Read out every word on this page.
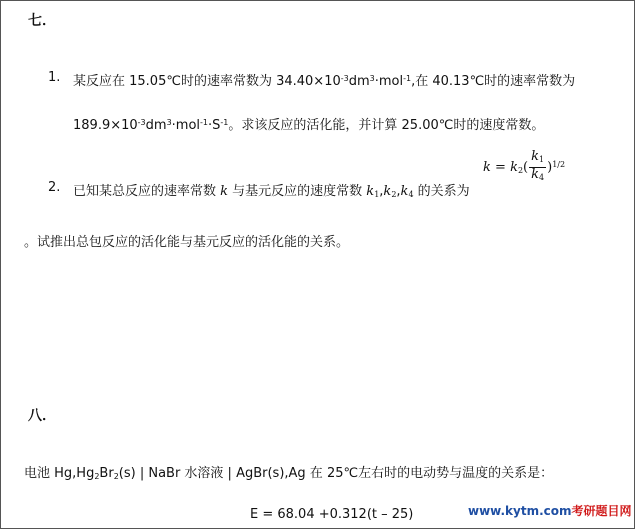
七．
1. 某反应在 15.05℃时的速率常数为 $34.40\times 10^{-3}dm^3\cdot mol^{-1}$,在 40.13℃时的速率常数为
$189.9\times 10^{-3}dm^3\cdot mol^{-1}\cdot S^{-1}$。求该反应的活化能，并计算 25.00℃时的速度常数。
$k = k_2( \frac{k_1}{k_4} )^{1/2}$
2. 已知某总反应的速率常数 k 与基元反应的速度常数 $k_1,k_2,k_4$ 的关系为
。试推出总包反应的活化能与基元反应的活化能的关系。
八．
电池 $Hg,Hg_2Br_2(s)$ | NaBr 水溶液 | AgBr(s),Ag 在 25℃左右时的电动势与温度的关系是：
E = 68.04 +0.312(t – 25)	www.kytm.com考研题目网
